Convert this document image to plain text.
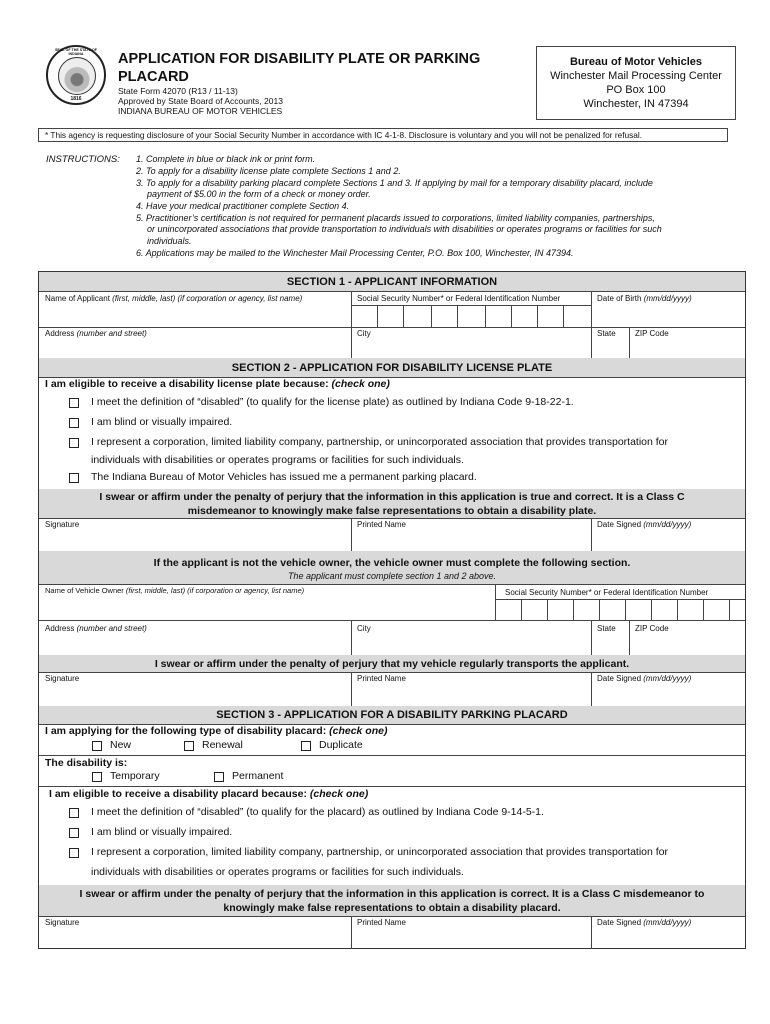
SEAL OF THE STATE OF INDIANA
1816
APPLICATION FOR DISABILITY PLATE OR PARKING PLACARD
State Form 42070 (R13 / 11-13)
Approved by State Board of Accounts, 2013
INDIANA BUREAU OF MOTOR VEHICLES
Bureau of Motor Vehicles
Winchester Mail Processing Center
PO Box 100
Winchester, IN 47394
* This agency is requesting disclosure of your Social Security Number in accordance with IC 4-1-8. Disclosure is voluntary and you will not be penalized for refusal.
INSTRUCTIONS: 1. Complete in blue or black ink or print form.
2. To apply for a disability license plate complete Sections 1 and 2.
3. To apply for a disability parking placard complete Sections 1 and 3. If applying by mail for a temporary disability placard, include
payment of $5.00 in the form of a check or money order.
4. Have your medical practitioner complete Section 4.
5. Practitioner’s certification is not required for permanent placards issued to corporations, limited liability companies, partnerships,
or unincorporated associations that provide transportation to individuals with disabilities or operates programs or facilities for such
individuals.
6. Applications may be mailed to the Winchester Mail Processing Center, P.O. Box 100, Winchester, IN 47394.
SECTION 1 - APPLICANT INFORMATION
Name of Applicant (first, middle, last) (if corporation or agency, list name)	Social Security Number* or Federal Identification Number	Date of Birth (mm/dd/yyyy)
Address (number and street)	City	State ZIP Code
SECTION 2 - APPLICATION FOR DISABILITY LICENSE PLATE
I am eligible to receive a disability license plate because: (check one)
I meet the definition of “disabled” (to qualify for the license plate) as outlined by Indiana Code 9-18-22-1.
I am blind or visually impaired.
I represent a corporation, limited liability company, partnership, or unincorporated association that provides transportation for
individuals with disabilities or operates programs or facilities for such individuals.
The Indiana Bureau of Motor Vehicles has issued me a permanent parking placard.
I swear or affirm under the penalty of perjury that the information in this application is true and correct. It is a Class C
misdemeanor to knowingly make false representations to obtain a disability plate.
Signature	Printed Name	Date Signed (mm/dd/yyyy)
If the applicant is not the vehicle owner, the vehicle owner must complete the following section.
The applicant must complete section 1 and 2 above.
Name of Vehicle Owner (first, middle, last) (if corporation or agency, list name)	Social Security Number* or Federal Identification Number
Address (number and street)	City	State ZIP Code
I swear or affirm under the penalty of perjury that my vehicle regularly transports the applicant.
Signature	Printed Name	Date Signed (mm/dd/yyyy)
SECTION 3 - APPLICATION FOR A DISABILITY PARKING PLACARD
I am applying for the following type of disability placard: (check one)
New	Renewal	Duplicate
The disability is:
Temporary	Permanent
I am eligible to receive a disability placard because: (check one)
I meet the definition of “disabled” (to qualify for the placard) as outlined by Indiana Code 9-14-5-1.
I am blind or visually impaired.
I represent a corporation, limited liability company, partnership, or unincorporated association that provides transportation for
individuals with disabilities or operates programs or facilities for such individuals.
I swear or affirm under the penalty of perjury that the information in this application is correct. It is a Class C misdemeanor to
knowingly make false representations to obtain a disability placard.
Signature	Printed Name	Date Signed (mm/dd/yyyy)
